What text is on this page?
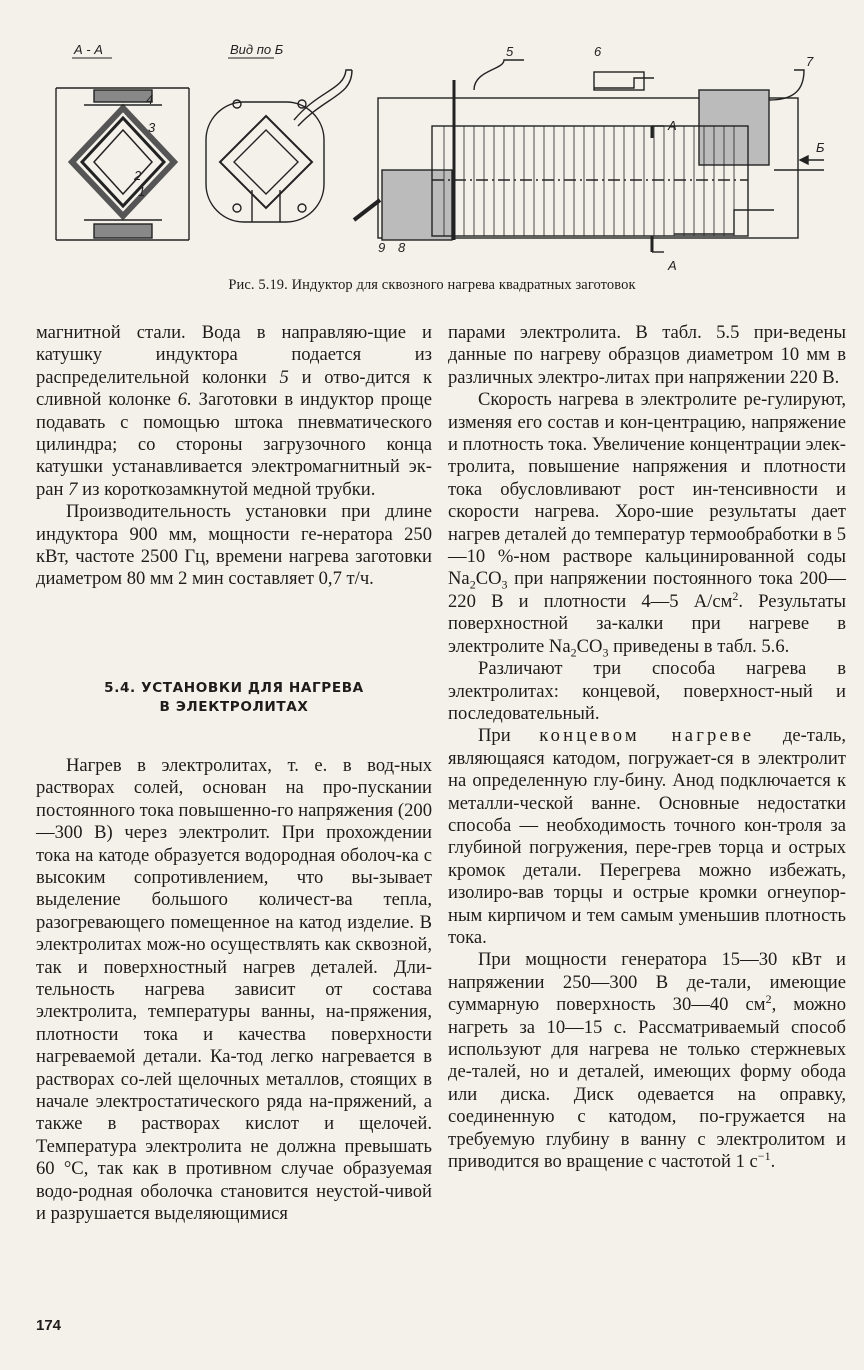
А - А	Вид по Б
4
3
2
1
5	6
7
8
9
А
А
Б
Рис. 5.19. Индуктор для сквозного нагрева квадратных заготовок

магнитной стали. Вода в направляю-щие и катушку индуктора подается из распределительной колонки 5 и отво-дится к сливной колонке 6. Заготовки в индуктор проще подавать с помощью штока пневматического цилиндра; со стороны загрузочного конца катушки устанавливается электромагнитный эк-ран 7 из короткозамкнутой медной трубки.

Производительность установки при длине индуктора 900 мм, мощности ге-нератора 250 кВт, частоте 2500 Гц, времени нагрева заготовки диаметром 80 мм 2 мин составляет 0,7 т/ч.

5.4. УСТАНОВКИ ДЛЯ НАГРЕВА
В ЭЛЕКТРОЛИТАХ

Нагрев в электролитах, т. е. в вод-ных растворах солей, основан на про-пускании постоянного тока повышенно-го напряжения (200—300 В) через электролит. При прохождении тока на катоде образуется водородная оболоч-ка с высоким сопротивлением, что вы-зывает выделение большого количест-ва тепла, разогревающего помещенное на катод изделие. В электролитах мож-но осуществлять как сквозной, так и поверхностный нагрев деталей. Дли-тельность нагрева зависит от состава электролита, температуры ванны, на-пряжения, плотности тока и качества поверхности нагреваемой детали. Ка-тод легко нагревается в растворах со-лей щелочных металлов, стоящих в начале электростатического ряда на-пряжений, а также в растворах кислот и щелочей. Температура электролита не должна превышать 60 °С, так как в противном случае образуемая водо-родная оболочка становится неустой-чивой и разрушается выделяющимися

парами электролита. В табл. 5.5 при-ведены данные по нагреву образцов диаметром 10 мм в различных электро-литах при напряжении 220 В.

Скорость нагрева в электролите ре-гулируют, изменяя его состав и кон-центрацию, напряжение и плотность тока. Увеличение концентрации элек-тролита, повышение напряжения и плотности тока обусловливают рост ин-тенсивности и скорости нагрева. Хоро-шие результаты дает нагрев деталей до температур термообработки в 5—10 %-ном растворе кальцинированной соды $Na_2CO_3$ при напряжении постоянного тока 200—220 В и плотности 4—5 $А/см^2$. Результаты поверхностной за-калки при нагреве в электролите $Na_2CO_3$ приведены в табл. 5.6.

Различают три способа нагрева в электролитах: концевой, поверхност-ный и последовательный.

При концевом нагреве де-таль, являющаяся катодом, погружает-ся в электролит на определенную глу-бину. Анод подключается к металли-ческой ванне. Основные недостатки способа — необходимость точного кон-троля за глубиной погружения, пере-грев торца и острых кромок детали. Перегрева можно избежать, изолиро-вав торцы и острые кромки огнеупор-ным кирпичом и тем самым уменьшив плотность тока.

При мощности генератора 15—30 кВт и напряжении 250—300 В де-тали, имеющие суммарную поверхность 30—40 $см^2$, можно нагреть за 10—15 с. Рассматриваемый способ используют для нагрева не только стержневых де-талей, но и деталей, имеющих форму обода или диска. Диск одевается на оправку, соединенную с катодом, по-гружается на требуемую глубину в ванну с электролитом и приводится во вращение с частотой 1 $с^{-1}$.

174
